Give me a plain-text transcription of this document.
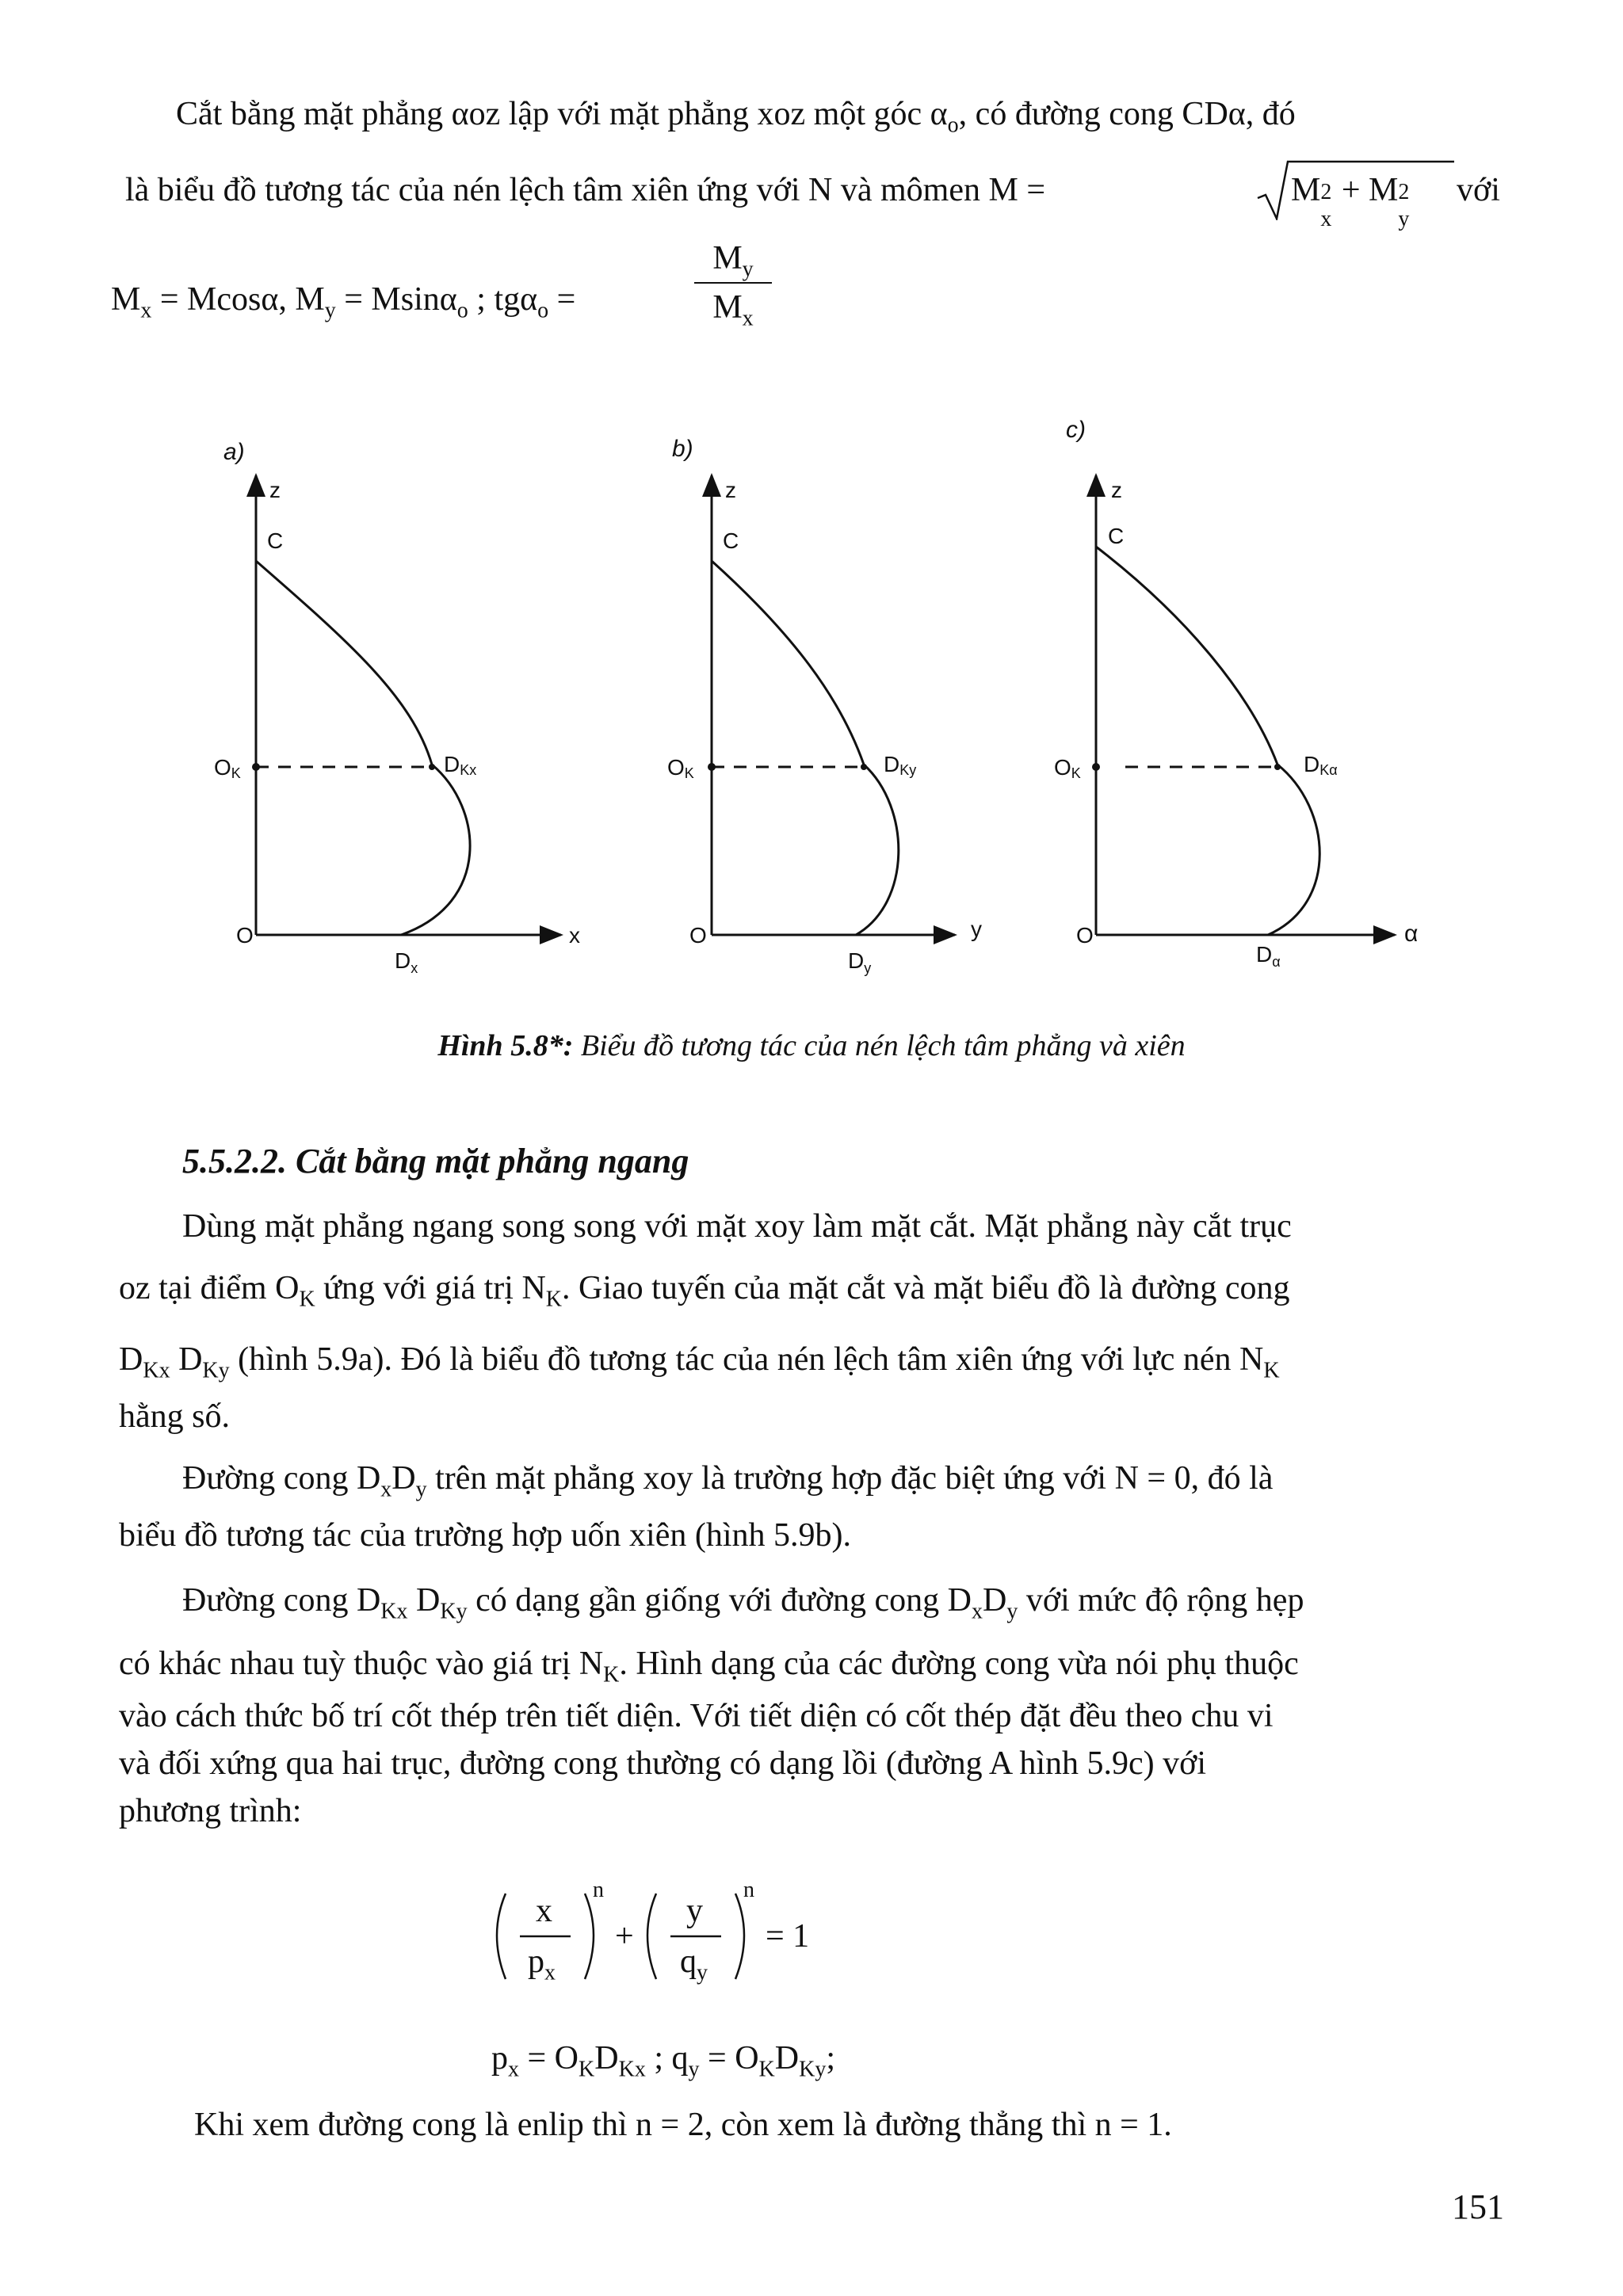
Cắt bằng mặt phẳng αoz lập với mặt phẳng xoz một góc $\alpha_o$, có đường cong CDα, đó
là biểu đồ tương tác của nén lệch tâm xiên ứng với N và mômen M =	M 2
x
+ M 2
y
với
$M_x = Mcos\alpha$, $M_y = Msin\alpha_o$ ; tgα$_o$ =
$M_y$
$M_x$
a)
z
C
x
O
OK	DKx
$D_x$
b)
z
C
y
O
OK	DKy
$D_y$
c)
z
C
α
O
OK	DKα
$D_\alpha$
Hình 5.8*: Biểu đồ tương tác của nén lệch tâm phẳng và xiên
5.5.2.2. Cắt bằng mặt phẳng ngang
Dùng mặt phẳng ngang song song với mặt xoy làm mặt cắt. Mặt phẳng này cắt trục
oz tại điểm $O_K$ ứng với giá trị $N_K$. Giao tuyến của mặt cắt và mặt biểu đồ là đường cong
$D_{Kx}$ $D_{Ky}$ (hình 5.9a). Đó là biểu đồ tương tác của nén lệch tâm xiên ứng với lực nén $N_K$
hằng số.
Đường cong $D_xD_y$ trên mặt phẳng xoy là trường hợp đặc biệt ứng với N = 0, đó là
biểu đồ tương tác của trường hợp uốn xiên (hình 5.9b).
Đường cong $D_{Kx}$ $D_{Ky}$ có dạng gần giống với đường cong $D_xD_y$ với mức độ rộng hẹp
có khác nhau tuỳ thuộc vào giá trị $N_K$. Hình dạng của các đường cong vừa nói phụ thuộc
vào cách thức bố trí cốt thép trên tiết diện. Với tiết diện có cốt thép đặt đều theo chu vi
và đối xứng qua hai trục, đường cong thường có dạng lồi (đường A hình 5.9c) với
phương trình:
x
$p_x$
n
+
y
$q_y$
n
= 1
$p_x = O_KD_{Kx}$ ; $q_y = O_KD_{Ky}$;
Khi xem đường cong là enlip thì n = 2, còn xem là đường thẳng thì n = 1.
151
